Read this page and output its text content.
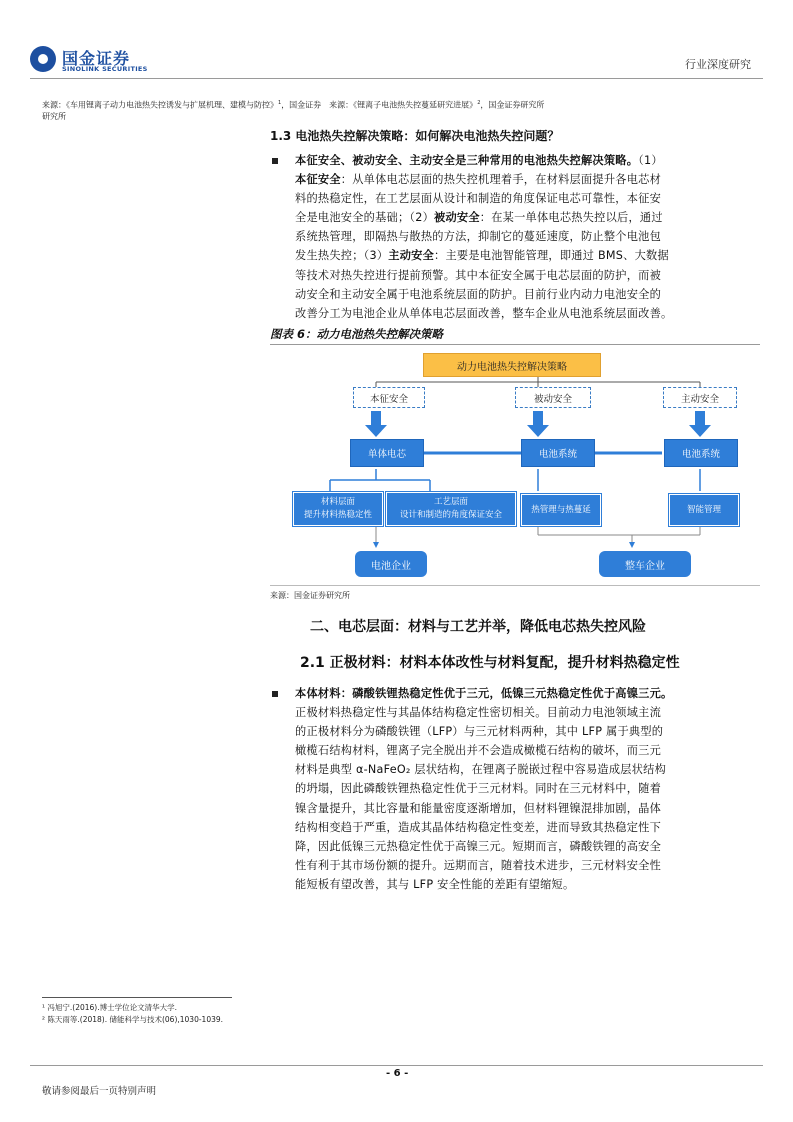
国金证券
SINOLINK SECURITIES	行业深度研究
来源：《车用锂离子动力电池热失控诱发与扩展机理、建模与防控》$^1$，国金证券　来源：《锂离子电池热失控蔓延研究进展》$^2$，国金证券研究所
研究所
1.3 电池热失控解决策略：如何解决电池热失控问题？
本征安全、被动安全、主动安全是三种常用的电池热失控解决策略。（1）
本征安全：从单体电芯层面的热失控机理着手，在材料层面提升各电芯材
料的热稳定性，在工艺层面从设计和制造的角度保证电芯可靠性，本征安
全是电池安全的基础；（2）被动安全：在某一单体电芯热失控以后，通过
系统热管理，即隔热与散热的方法，抑制它的蔓延速度，防止整个电池包
发生热失控；（3）主动安全：主要是电池智能管理，即通过 BMS、大数据
等技术对热失控进行提前预警。其中本征安全属于电芯层面的防护，而被
动安全和主动安全属于电池系统层面的防护。目前行业内动力电池安全的
改善分工为电池企业从单体电芯层面改善，整车企业从电池系统层面改善。
图表 6：动力电池热失控解决策略
动力电池热失控解决策略
本征安全	被动安全	主动安全
单体电芯	电池系统	电池系统
材料层面
提升材料热稳定性
工艺层面
设计和制造的角度保证安全
热管理与热蔓延	智能管理
电池企业	整车企业
来源：国金证券研究所
二、电芯层面：材料与工艺并举，降低电芯热失控风险
2.1 正极材料：材料本体改性与材料复配，提升材料热稳定性
本体材料：磷酸铁锂热稳定性优于三元，低镍三元热稳定性优于高镍三元。
正极材料热稳定性与其晶体结构稳定性密切相关。目前动力电池领域主流
的正极材料分为磷酸铁锂（LFP）与三元材料两种，其中 LFP 属于典型的
橄榄石结构材料，锂离子完全脱出并不会造成橄榄石结构的破坏，而三元
材料是典型 α-NaFeO₂ 层状结构，在锂离子脱嵌过程中容易造成层状结构
的坍塌，因此磷酸铁锂热稳定性优于三元材料。同时在三元材料中，随着
镍含量提升，其比容量和能量密度逐渐增加，但材料锂镍混排加剧，晶体
结构相变趋于严重，造成其晶体结构稳定性变差，进而导致其热稳定性下
降，因此低镍三元热稳定性优于高镍三元。短期而言，磷酸铁锂的高安全
性有利于其市场份额的提升。远期而言，随着技术进步，三元材料安全性
能短板有望改善，其与 LFP 安全性能的差距有望缩短。
¹ 冯旭宁.(2016).博士学位论文清华大学.
² 陈天雨等.(2018). 储能科学与技术(06),1030-1039.
- 6 -
敬请参阅最后一页特别声明
